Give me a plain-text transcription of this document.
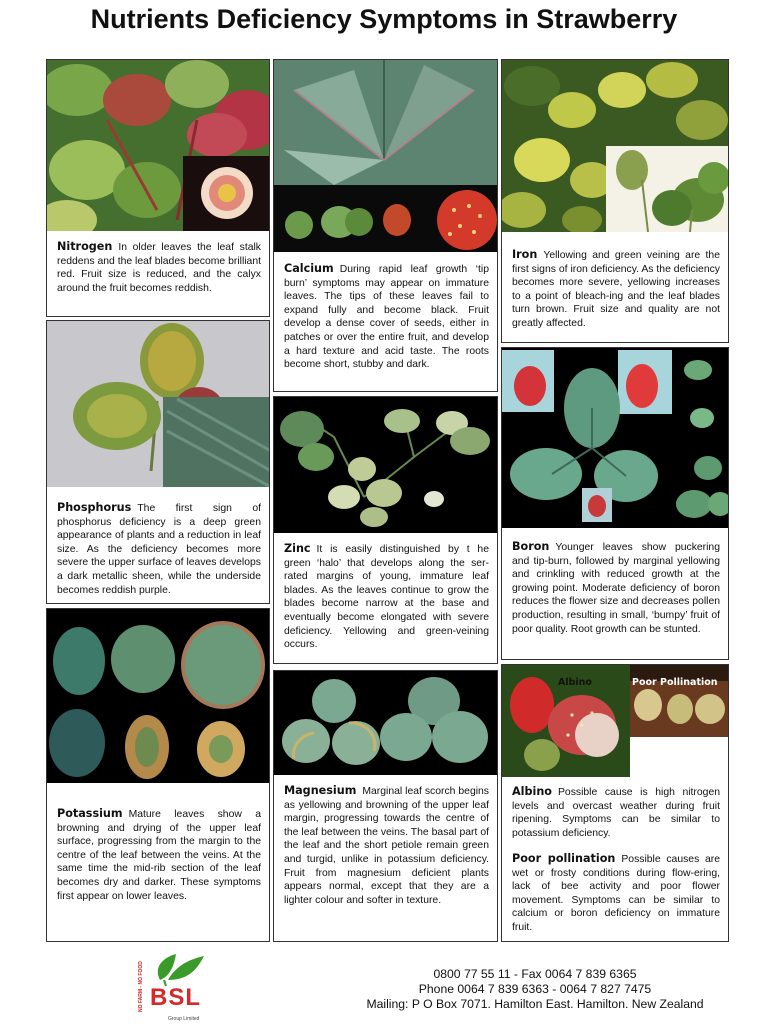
Nutrients Deficiency Symptoms in Strawberry
Nitrogen In older leaves the leaf stalk reddens and the leaf blades become brilliant red. Fruit size is reduced, and the calyx around the fruit becomes reddish.
Phosphorus The first sign of phosphorus deficiency is a deep green appearance of plants and a reduction in leaf size. As the deficiency becomes more severe the upper surface of leaves develops a dark metallic sheen, while the underside becomes reddish purple.
Potassium Mature leaves show a browning and drying of the upper leaf surface, progressing from the margin to the centre of the leaf between the veins. At the same time the mid-rib section of the leaf becomes dry and darker. These symptoms first appear on lower leaves.
Calcium During rapid leaf growth ‘tip burn’ symptoms may appear on immature leaves. The tips of these leaves fail to expand fully and become black. Fruit develop a dense cover of seeds, either in patches or over the entire fruit, and develop a hard texture and acid taste. The roots become short, stubby and dark.
Zinc It is easily distinguished by t he green ‘halo’ that develops along the ser-rated margins of young, immature leaf blades. As the leaves continue to grow the blades become narrow at the base and eventually become elongated with severe deficiency. Yellowing and green-veining occurs.
Magnesium Marginal leaf scorch begins as yellowing and browning of the upper leaf margin, progressing towards the centre of the leaf between the veins. The basal part of the leaf and the short petiole remain green and turgid, unlike in potassium deficiency. Fruit from magnesium deficient plants appears normal, except that they are a lighter colour and softer in texture.
Iron Yellowing and green veining are the first signs of iron deficiency. As the deficiency becomes more severe, yellowing increases to a point of bleach-ing and the leaf blades turn brown. Fruit size and quality are not greatly affected.
Boron Younger leaves show puckering and tip-burn, followed by marginal yellowing and crinkling with reduced growth at the growing point. Moderate deficiency of boron reduces the flower size and decreases pollen production, resulting in small, ‘bumpy’ fruit of poor quality. Root growth can be stunted.
Albino	Poor Pollination
Albino Possible cause is high nitrogen levels and overcast weather during fruit ripening. Symptoms can be similar to potassium deficiency.
Poor pollination Possible causes are wet or frosty conditions during flow-ering, lack of bee activity and poor flower movement. Symptoms can be similar to calcium or boron deficiency on immature fruit.
NO FARM - NO FOOD BSL
Group Limited
0800 77 55 11 - Fax 0064 7 839 6365
Phone 0064 7 839 6363 - 0064 7 827 7475
Mailing: P O Box 7071. Hamilton East. Hamilton. New Zealand
